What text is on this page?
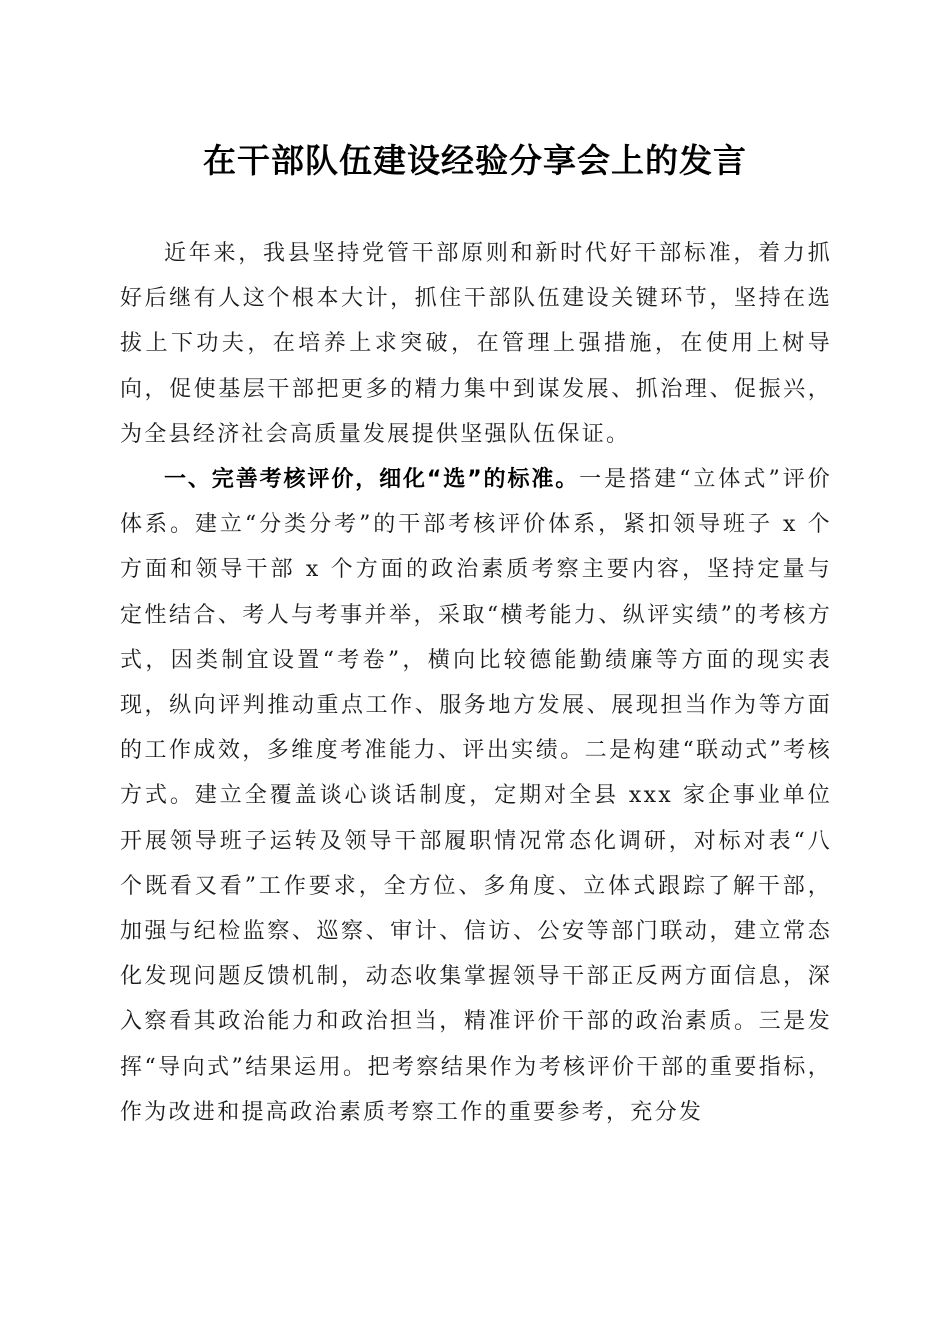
在干部队伍建设经验分享会上的发言

近年来，我县坚持党管干部原则和新时代好干部标准，着力抓好后继有人这个根本大计，抓住干部队伍建设关键环节，坚持在选拔上下功夫，在培养上求突破，在管理上强措施，在使用上树导向，促使基层干部把更多的精力集中到谋发展、抓治理、促振兴，为全县经济社会高质量发展提供坚强队伍保证。

一、完善考核评价，细化“选”的标准。一是搭建“立体式”评价体系。建立“分类分考”的干部考核评价体系，紧扣领导班子 x 个方面和领导干部 x 个方面的政治素质考察主要内容，坚持定量与定性结合、考人与考事并举，采取“横考能力、纵评实绩”的考核方式，因类制宜设置“考卷”，横向比较德能勤绩廉等方面的现实表现，纵向评判推动重点工作、服务地方发展、展现担当作为等方面的工作成效，多维度考准能力、评出实绩。二是构建“联动式”考核方式。建立全覆盖谈心谈话制度，定期对全县 xxx 家企事业单位开展领导班子运转及领导干部履职情况常态化调研，对标对表“八个既看又看”工作要求，全方位、多角度、立体式跟踪了解干部，加强与纪检监察、巡察、审计、信访、公安等部门联动，建立常态化发现问题反馈机制，动态收集掌握领导干部正反两方面信息，深入察看其政治能力和政治担当，精准评价干部的政治素质。三是发挥“导向式”结果运用。把考察结果作为考核评价干部的重要指标，作为改进和提高政治素质考察工作的重要参考，充分发
